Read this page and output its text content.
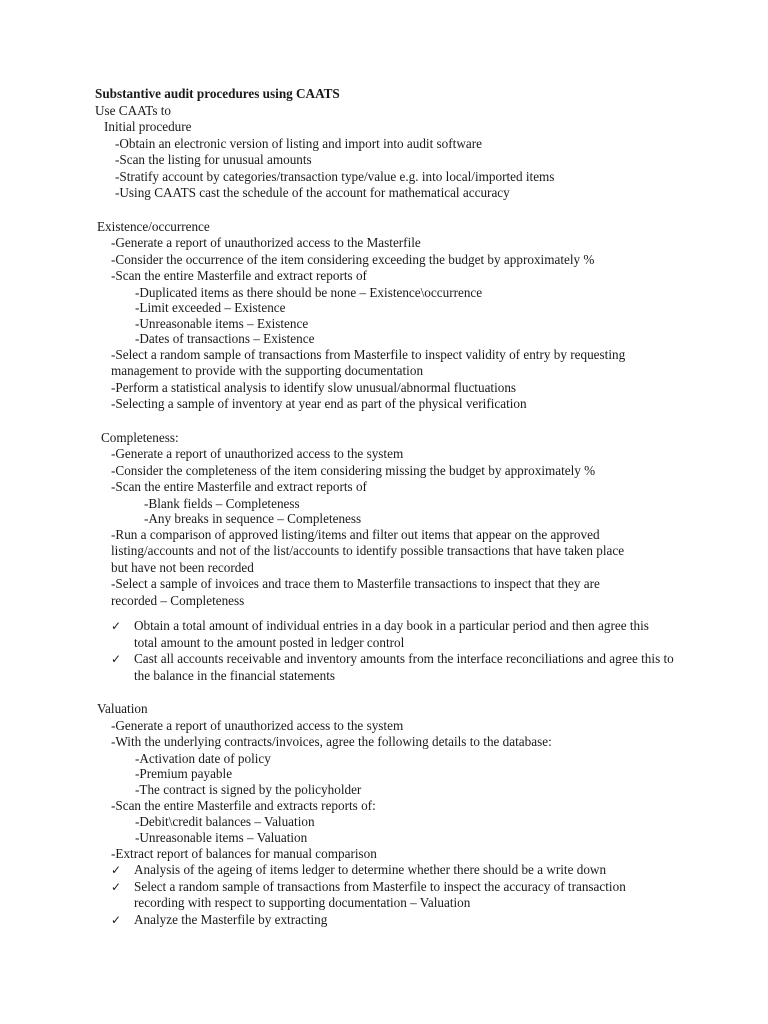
Substantive audit procedures using CAATS
Use CAATs to
Initial procedure
-Obtain an electronic version of listing and import into audit software
-Scan the listing for unusual amounts
-Stratify account by categories/transaction type/value e.g. into local/imported items
-Using CAATS cast the schedule of the account for mathematical accuracy
Existence/occurrence
-Generate a report of unauthorized access to the Masterfile
-Consider the occurrence of the item considering exceeding the budget by approximately %
-Scan the entire Masterfile and extract reports of
-Duplicated items as there should be none – Existence\occurrence
-Limit exceeded – Existence
-Unreasonable items – Existence
-Dates of transactions – Existence
-Select a random sample of transactions from Masterfile to inspect validity of entry by requesting
management to provide with the supporting documentation
-Perform a statistical analysis to identify slow unusual/abnormal fluctuations
-Selecting a sample of inventory at year end as part of the physical verification
Completeness:
-Generate a report of unauthorized access to the system
-Consider the completeness of the item considering missing the budget by approximately %
-Scan the entire Masterfile and extract reports of
-Blank fields – Completeness
-Any breaks in sequence – Completeness
-Run a comparison of approved listing/items and filter out items that appear on the approved
listing/accounts and not of the list/accounts to identify possible transactions that have taken place
but have not been recorded
-Select a sample of invoices and trace them to Masterfile transactions to inspect that they are
recorded – Completeness
✓ Obtain a total amount of individual entries in a day book in a particular period and then agree this total amount to the amount posted in ledger control
✓ Cast all accounts receivable and inventory amounts from the interface reconciliations and agree this to the balance in the financial statements
Valuation
-Generate a report of unauthorized access to the system
-With the underlying contracts/invoices, agree the following details to the database:
-Activation date of policy
-Premium payable
-The contract is signed by the policyholder
-Scan the entire Masterfile and extracts reports of:
-Debit\credit balances – Valuation
-Unreasonable items – Valuation
-Extract report of balances for manual comparison
✓ Analysis of the ageing of items ledger to determine whether there should be a write down
✓ Select a random sample of transactions from Masterfile to inspect the accuracy of transaction recording with respect to supporting documentation – Valuation
✓ Analyze the Masterfile by extracting
